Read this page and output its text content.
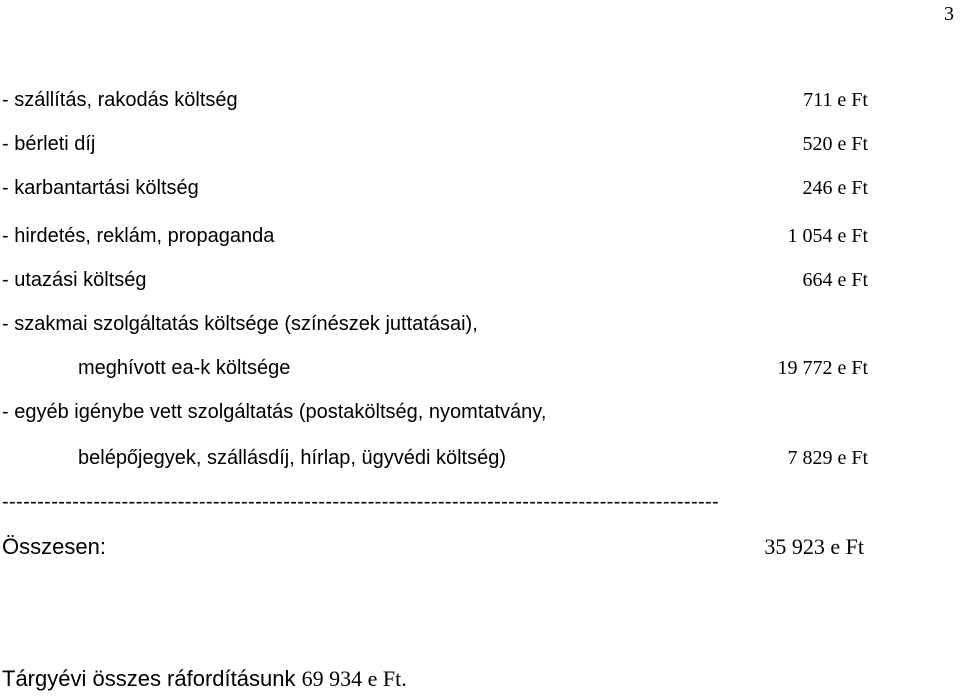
3
- szállítás, rakodás költség	711 e Ft
- bérleti díj	520 e Ft
- karbantartási költség	246 e Ft
- hirdetés, reklám, propaganda	1 054 e Ft
- utazási költség	664 e Ft
- szakmai szolgáltatás költsége (színészek juttatásai),
meghívott ea-k költsége	19 772 e Ft
- egyéb igénybe vett szolgáltatás (postaköltség, nyomtatvány,
belépőjegyek, szállásdíj, hírlap, ügyvédi költség)	7 829 e Ft
------------------------------------------------------------------------------------------------------
Összesen:	35 923 e Ft
Tárgyévi összes ráfordításunk 69 934 e Ft.
